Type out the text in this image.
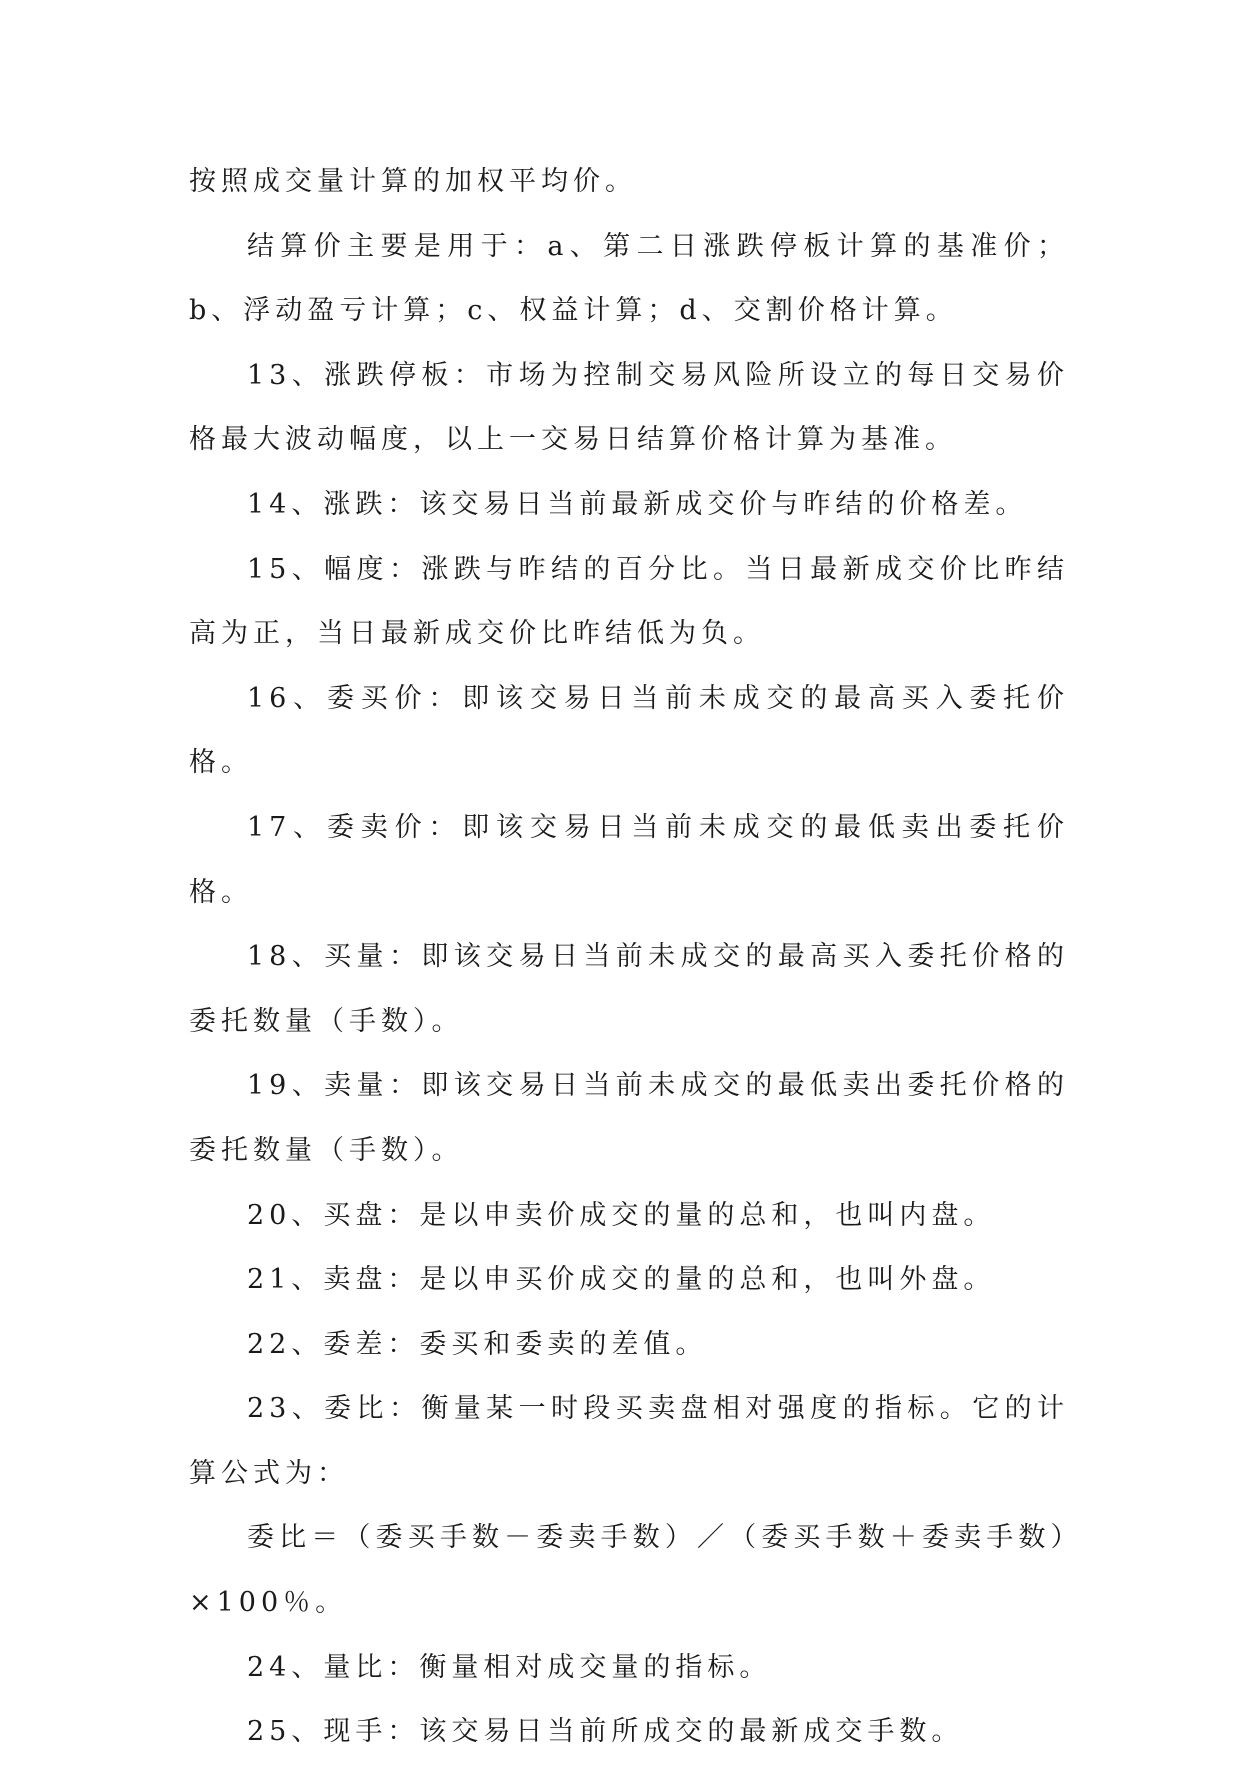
按照成交量计算的加权平均价。

结算价主要是用于：a、第二日涨跌停板计算的基准价；b、浮动盈亏计算；c、权益计算；d、交割价格计算。

13、涨跌停板：市场为控制交易风险所设立的每日交易价格最大波动幅度，以上一交易日结算价格计算为基准。

14、涨跌：该交易日当前最新成交价与昨结的价格差。

15、幅度：涨跌与昨结的百分比。当日最新成交价比昨结高为正，当日最新成交价比昨结低为负。

16、委买价：即该交易日当前未成交的最高买入委托价格。

17、委卖价：即该交易日当前未成交的最低卖出委托价格。

18、买量：即该交易日当前未成交的最高买入委托价格的委托数量（手数）。

19、卖量：即该交易日当前未成交的最低卖出委托价格的委托数量（手数）。

20、买盘：是以申卖价成交的量的总和，也叫内盘。

21、卖盘：是以申买价成交的量的总和，也叫外盘。

22、委差：委买和委卖的差值。

23、委比：衡量某一时段买卖盘相对强度的指标。它的计算公式为：

委比＝（委买手数－委卖手数）／（委买手数＋委卖手数）×100％。

24、量比：衡量相对成交量的指标。

25、现手：该交易日当前所成交的最新成交手数。
